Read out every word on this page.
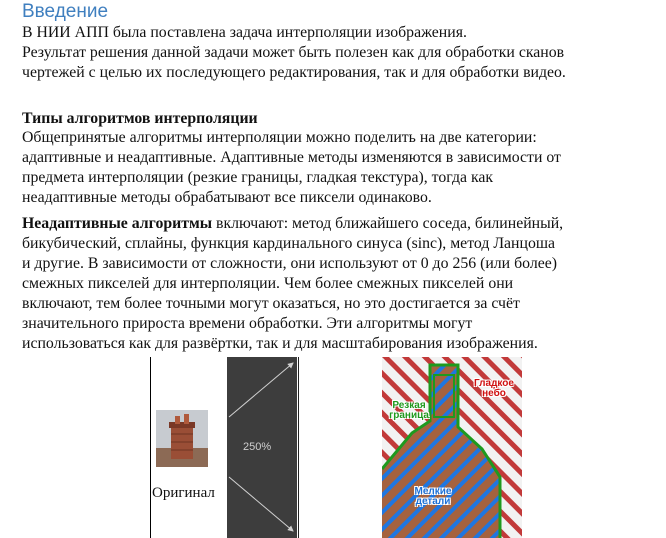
Введение
В НИИ АПП была поставлена задача интерполяции изображения.
Результат решения данной задачи может быть полезен как для обработки сканов
чертежей с целью их последующего редактирования, так и для обработки видео.
Типы алгоритмов интерполяции
Общепринятые алгоритмы интерполяции можно поделить на две категории:
адаптивные и неадаптивные. Адаптивные методы изменяются в зависимости от
предмета интерполяции (резкие границы, гладкая текстура), тогда как
неадаптивные методы обрабатывают все пиксели одинаково.
Неадаптивные алгоритмы включают: метод ближайшего соседа, билинейный,
бикубический, сплайны, функция кардинального синуса (sinc), метод Ланцоша
и другие. В зависимости от сложности, они используют от 0 до 256 (или более)
смежных пикселей для интерполяции. Чем более смежных пикселей они
включают, тем более точными могут оказаться, но это достигается за счёт
значительного прироста времени обработки. Эти алгоритмы могут
использоваться как для развёртки, так и для масштабирования изображения.
Оригинал
250%
Резкая граница
Гладкое небо
Мелкие детали
